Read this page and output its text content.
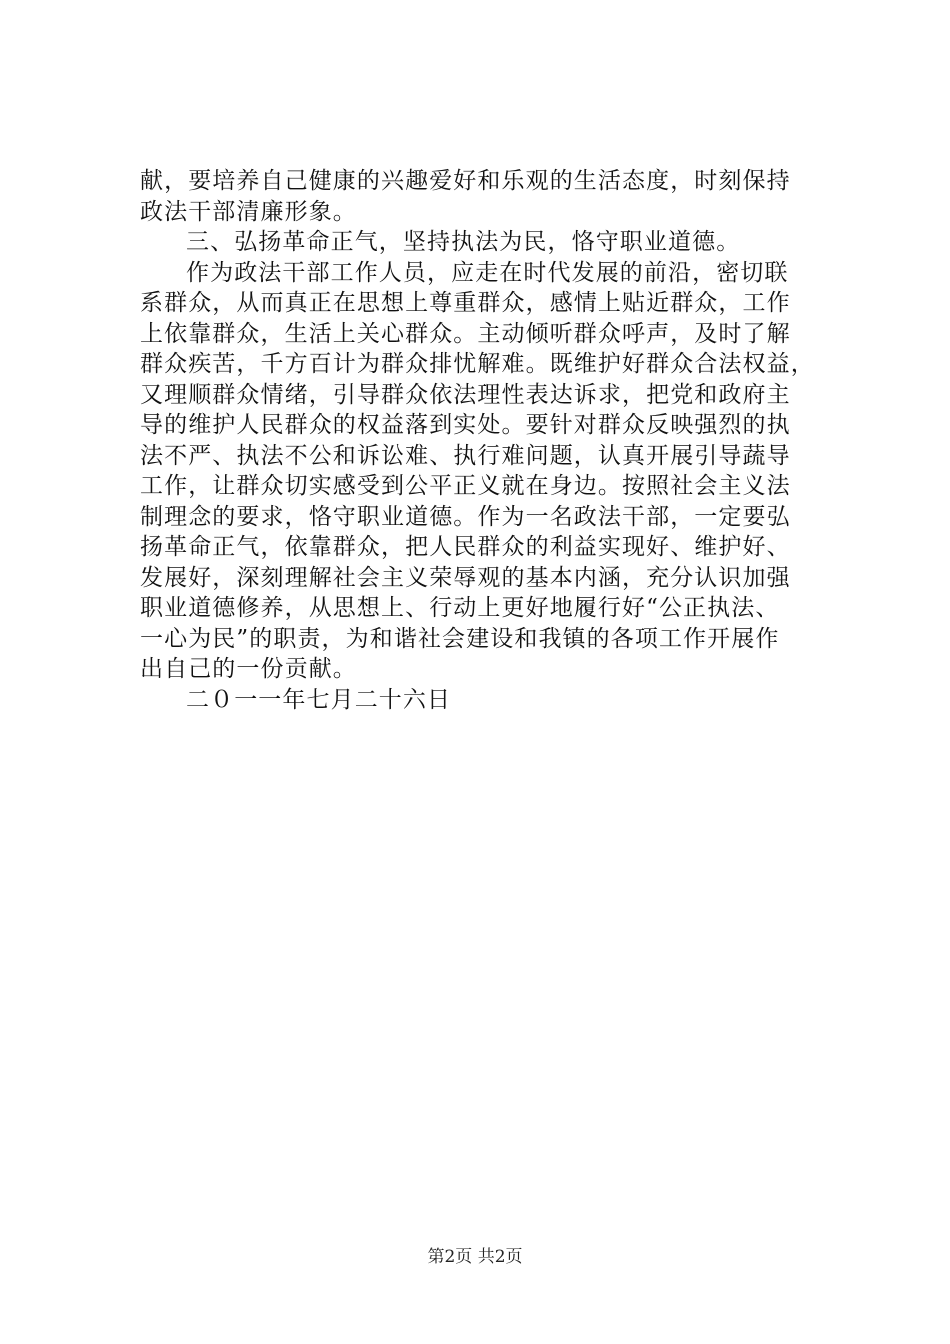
献，要培养自己健康的兴趣爱好和乐观的生活态度，时刻保持
政法干部清廉形象。
三、弘扬革命正气，坚持执法为民，恪守职业道德。
作为政法干部工作人员，应走在时代发展的前沿，密切联
系群众，从而真正在思想上尊重群众，感情上贴近群众，工作
上依靠群众，生活上关心群众。主动倾听群众呼声，及时了解
群众疾苦，千方百计为群众排忧解难。既维护好群众合法权益，
又理顺群众情绪，引导群众依法理性表达诉求，把党和政府主
导的维护人民群众的权益落到实处。要针对群众反映强烈的执
法不严、执法不公和诉讼难、执行难问题，认真开展引导蔬导
工作，让群众切实感受到公平正义就在身边。按照社会主义法
制理念的要求，恪守职业道德。作为一名政法干部，一定要弘
扬革命正气，依靠群众，把人民群众的利益实现好、维护好、
发展好，深刻理解社会主义荣辱观的基本内涵，充分认识加强
职业道德修养，从思想上、行动上更好地履行好“公正执法、
一心为民”的职责，为和谐社会建设和我镇的各项工作开展作
出自己的一份贡献。
二０一一年七月二十六日
第2页 共2页
